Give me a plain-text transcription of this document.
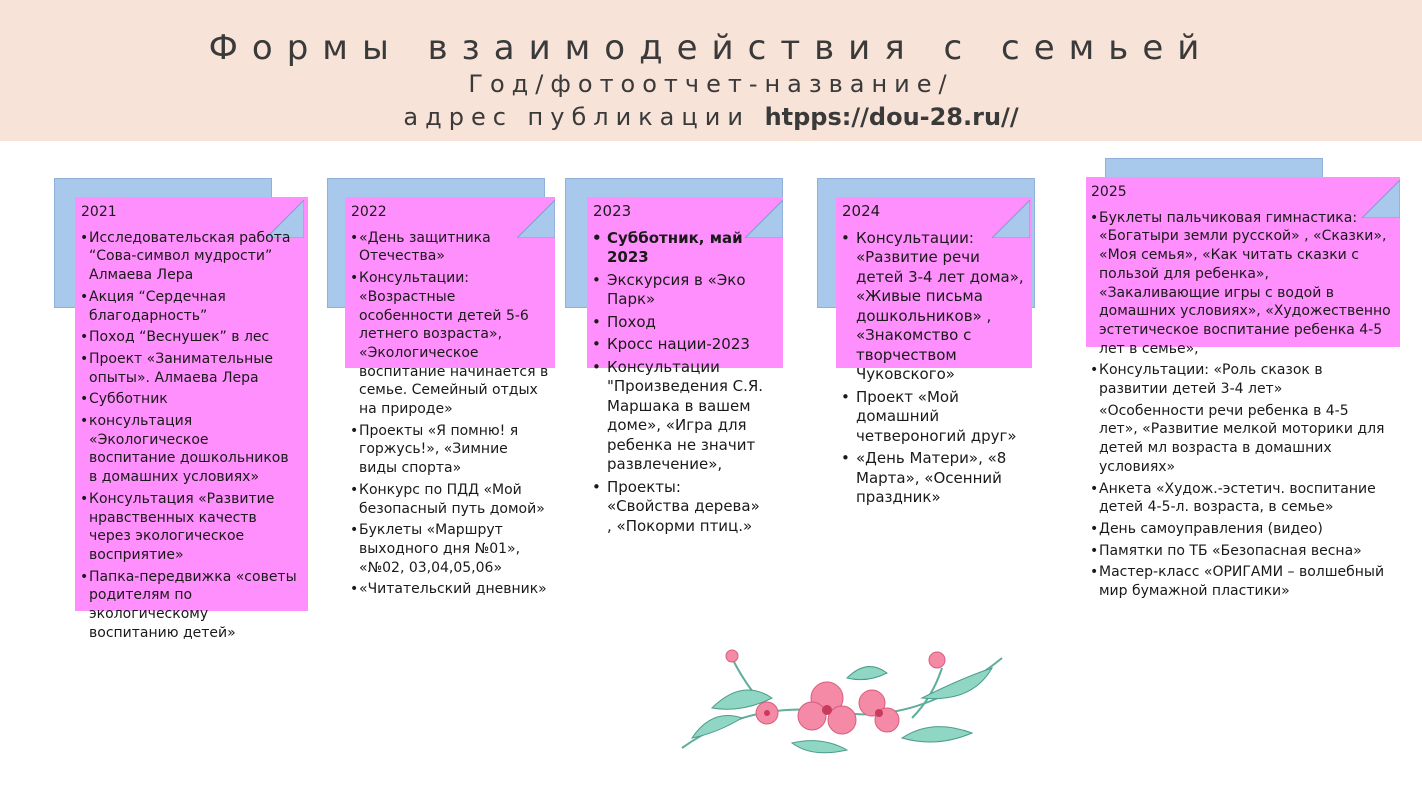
Формы взаимодействия с семьей
Год/фотоотчет-название/
адрес публикации htpps://dou-28.ru//
2021
• Исследовательская работа “Сова-символ мудрости” Алмаева Лера
• Акция “Сердечная благодарность”
• Поход “Веснушек” в лес
• Проект «Занимательные опыты». Алмаева Лера
• Субботник
• консультация «Экологическое воспитание дошкольников в домашних условиях»
• Консультация «Развитие нравственных качеств через экологическое восприятие»
• Папка-передвижка «советы родителям по экологическому воспитанию детей»
2022
• «День защитника Отечества»
• Консультации: «Возрастные особенности детей 5-6 летнего возраста», «Экологическое воспитание начинается в семье. Семейный отдых на природе»
• Проекты «Я помню! я горжусь!», «Зимние виды спорта»
• Конкурс по ПДД «Мой безопасный путь домой»
• Буклеты «Маршрут выходного дня №01», «№02, 03,04,05,06»
• «Читательский дневник»
2023
• Субботник, май 2023
• Экскурсия в «Эко Парк»
• Поход
• Кросс нации-2023
• Консультации "Произведения С.Я. Маршака в вашем доме», «Игра для ребенка не значит развлечение»,
• Проекты: «Свойства дерева» , «Покорми птиц.»
2024
• Консультации: «Развитие речи детей 3-4 лет дома», «Живые письма дошкольников» , «Знакомство с творчеством Чуковского»
• Проект «Мой домашний четвероногий друг»
• «День Матери», «8 Марта», «Осенний праздник»
2025
• Буклеты пальчиковая гимнастика: «Богатыри земли русской» , «Сказки», «Моя семья», «Как читать сказки с пользой для ребенка», «Закаливающие игры с водой в домашних условиях», «Художественно эстетическое воспитание ребенка 4-5 лет в семье»,
• Консультации: «Роль сказок в развитии детей 3-4 лет»
«Особенности речи ребенка в 4-5 лет», «Развитие мелкой моторики для детей мл возраста в домашних условиях»
• Анкета «Худож.-эстетич. воспитание детей 4-5-л. возраста, в семье»
• День самоуправления (видео)
• Памятки по ТБ «Безопасная весна»
• Мастер-класс «ОРИГАМИ – волшебный мир бумажной пластики»
